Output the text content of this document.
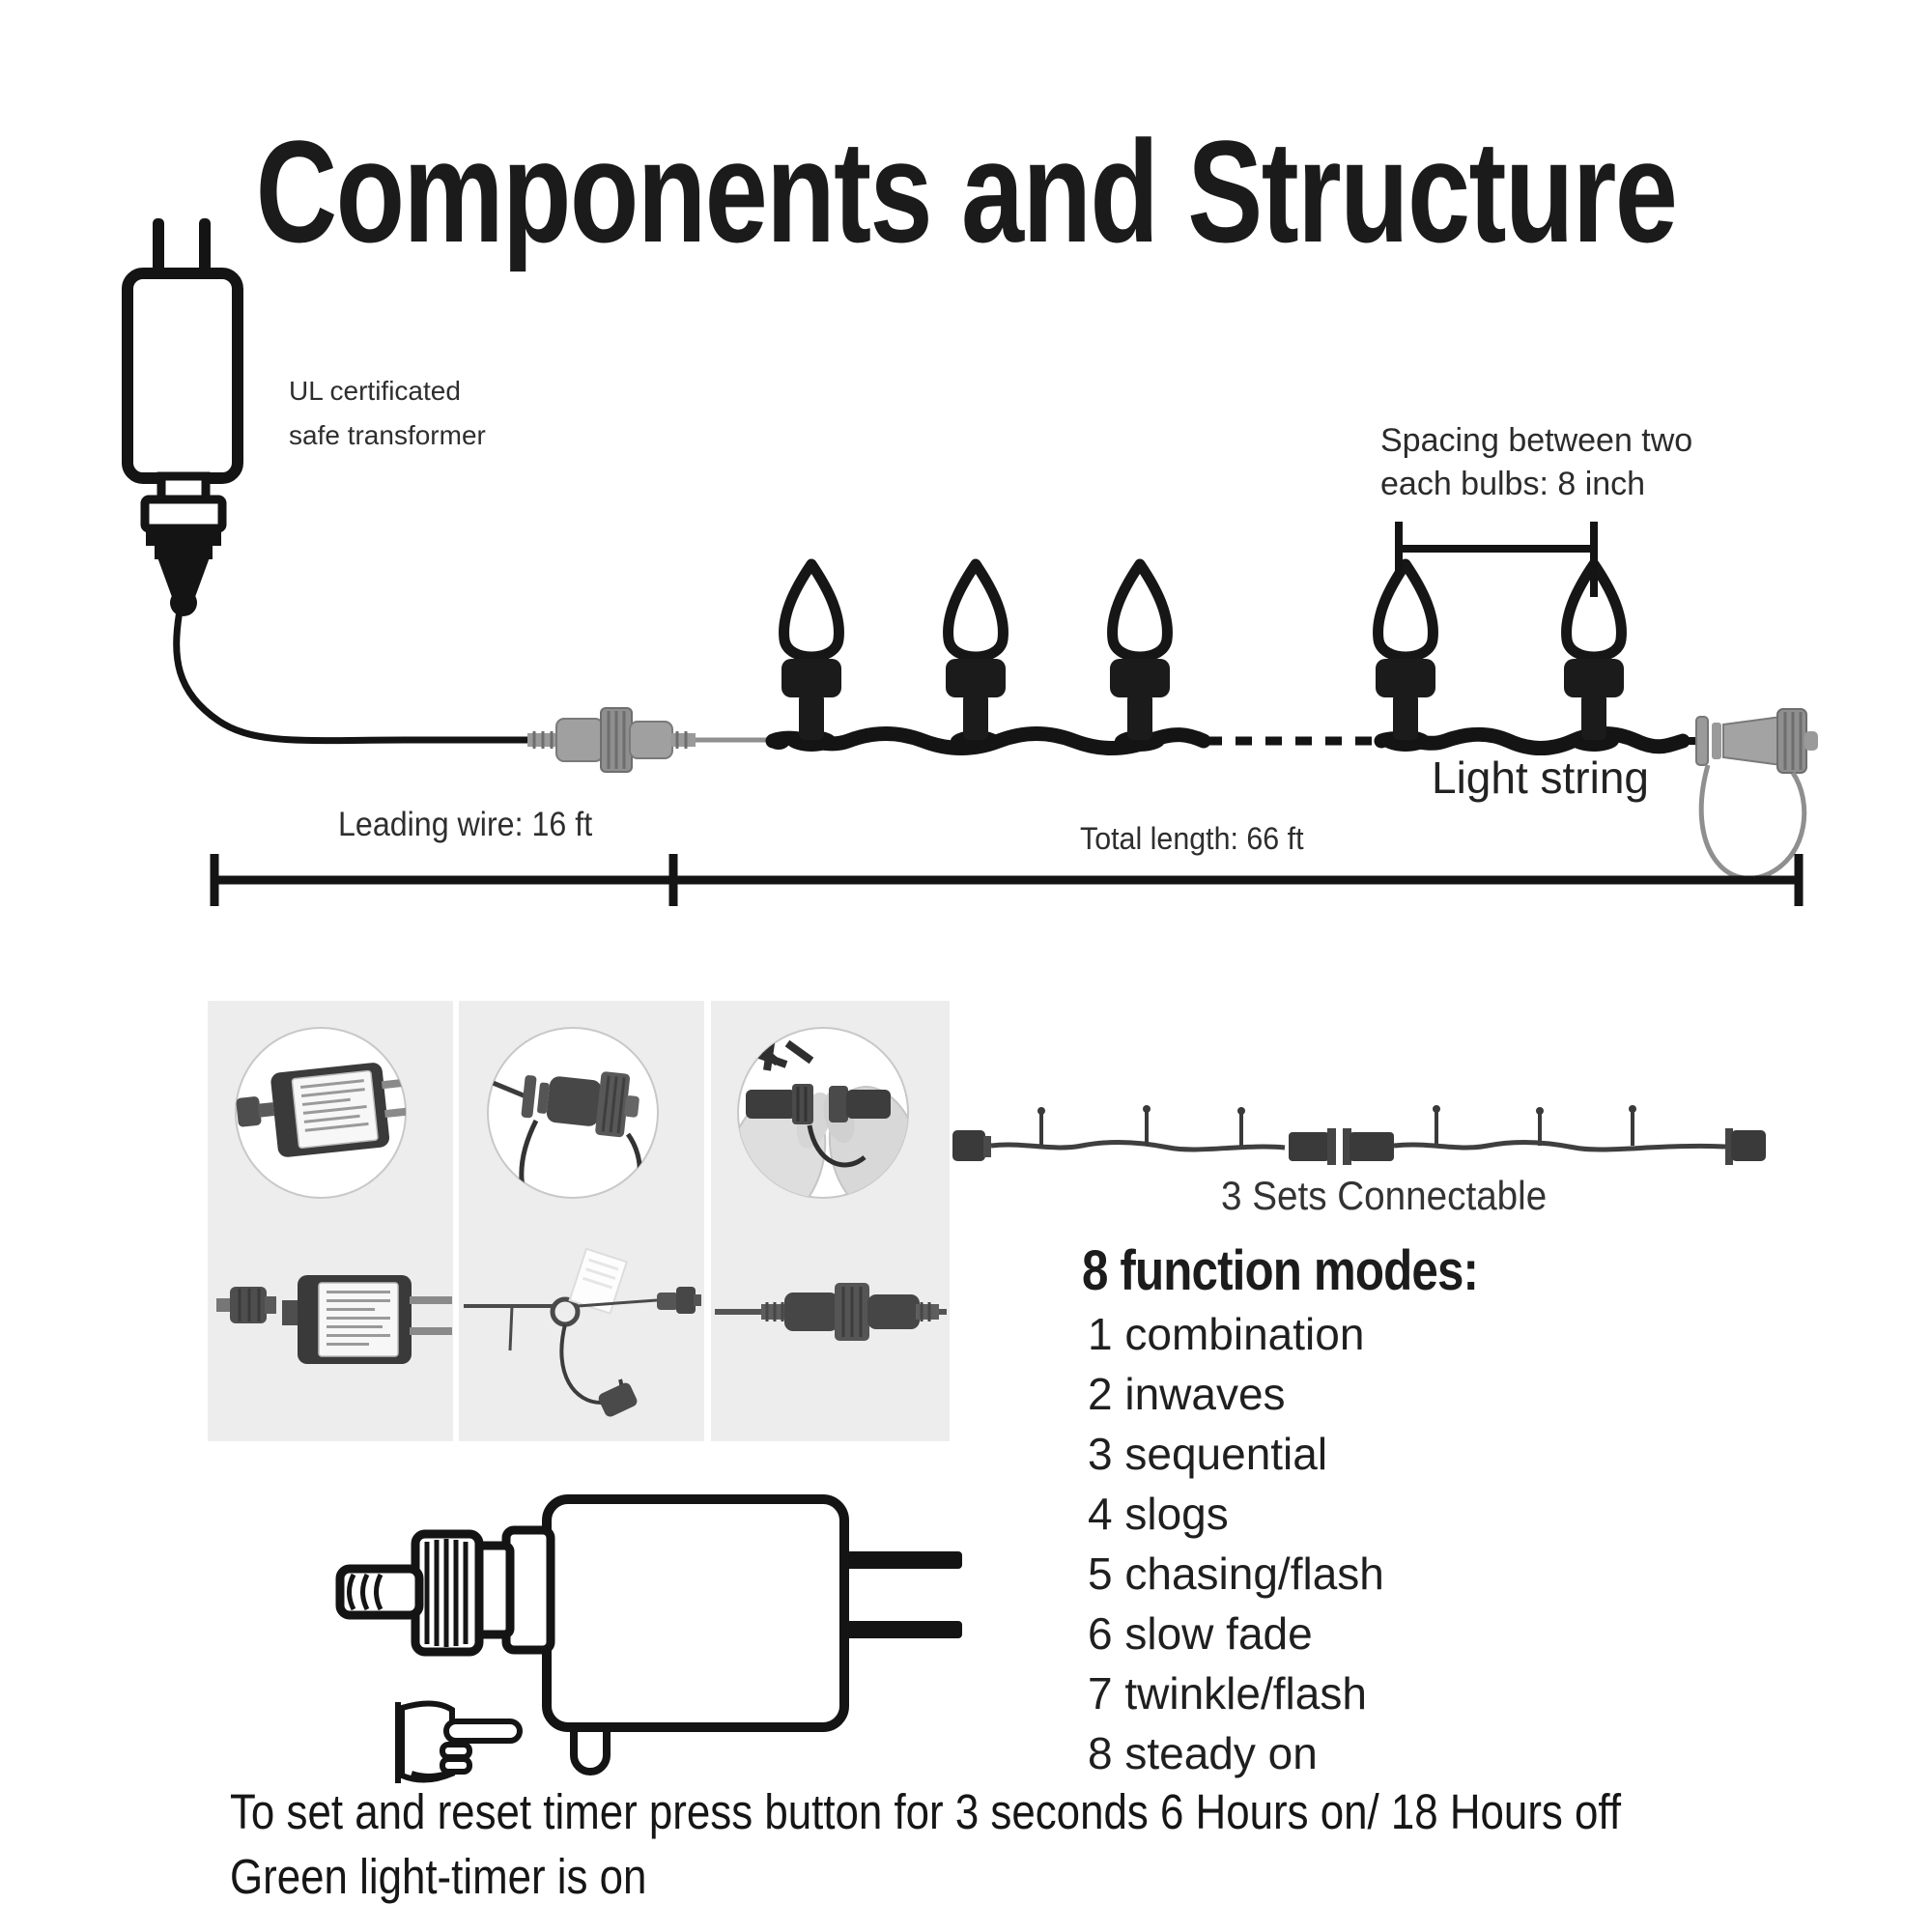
Components and Structure
UL certificated
safe transformer	Spacing between two
each bulbs: 8 inch
Light string
Leading wire: 16 ft	Total length: 66 ft
3 Sets Connectable
8 function modes:
1 combination
2 inwaves
3 sequential
4 slogs
5 chasing/flash
6 slow fade
7 twinkle/flash
8 steady on
To set and reset timer press button for 3 seconds 6 Hours on/ 18 Hours off
Green light-timer is on
